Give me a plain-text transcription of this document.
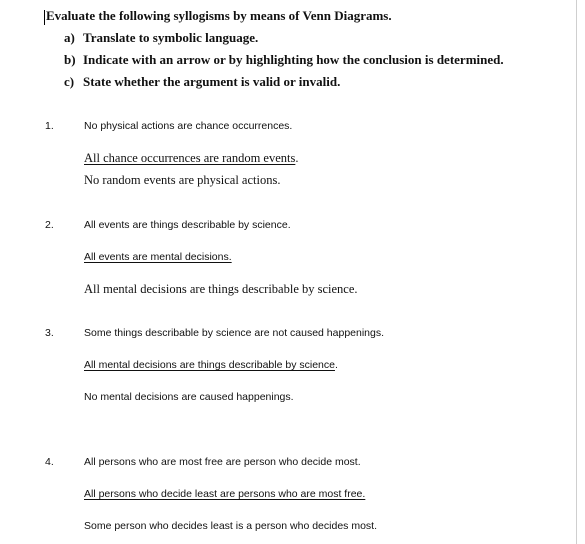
Evaluate the following syllogisms by means of Venn Diagrams.

a) Translate to symbolic language.
b) Indicate with an arrow or by highlighting how the conclusion is determined.
c) State whether the argument is valid or invalid.
1.	No physical actions are chance occurrences.
All chance occurrences are random events.
No random events are physical actions.
2.	All events are things describable by science.
All events are mental decisions.
All mental decisions are things describable by science.
3.	Some things describable by science are not caused happenings.
All mental decisions are things describable by science.
No mental decisions are caused happenings.
4.	All persons who are most free are person who decide most.
All persons who decide least are persons who are most free.
Some person who decides least is a person who decides most.
